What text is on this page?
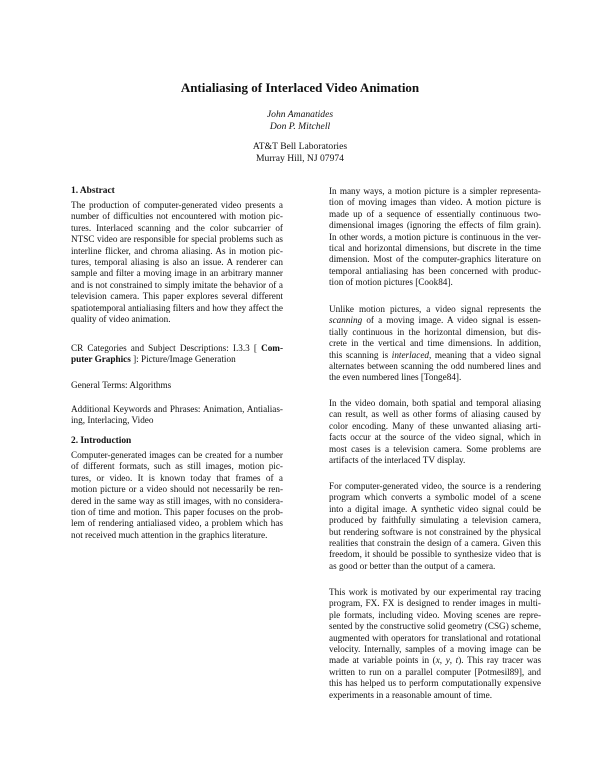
Antialiasing of Interlaced Video Animation
John Amanatides
Don P. Mitchell
AT&T Bell Laboratories
Murray Hill, NJ 07974
1. Abstract
The production of computer-generated video presents a
number of difficulties not encountered with motion pic-
tures. Interlaced scanning and the color subcarrier of
NTSC video are responsible for special problems such as
interline flicker, and chroma aliasing. As in motion pic-
tures, temporal aliasing is also an issue. A renderer can
sample and filter a moving image in an arbitrary manner
and is not constrained to simply imitate the behavior of a
television camera. This paper explores several different
spatiotemporal antialiasing filters and how they affect the
quality of video animation.
CR Categories and Subject Descriptions: I.3.3 [ Com-
puter Graphics ]: Picture/Image Generation
General Terms: Algorithms
Additional Keywords and Phrases: Animation, Antialias-
ing, Interlacing, Video
2. Introduction
Computer-generated images can be created for a number
of different formats, such as still images, motion pic-
tures, or video. It is known today that frames of a
motion picture or a video should not necessarily be ren-
dered in the same way as still images, with no considera-
tion of time and motion. This paper focuses on the prob-
lem of rendering antialiased video, a problem which has
not received much attention in the graphics literature.
In many ways, a motion picture is a simpler representa-
tion of moving images than video. A motion picture is
made up of a sequence of essentially continuous two-
dimensional images (ignoring the effects of film grain).
In other words, a motion picture is continuous in the ver-
tical and horizontal dimensions, but discrete in the time
dimension. Most of the computer-graphics literature on
temporal antialiasing has been concerned with produc-
tion of motion pictures [Cook84].
Unlike motion pictures, a video signal represents the
scanning of a moving image. A video signal is essen-
tially continuous in the horizontal dimension, but dis-
crete in the vertical and time dimensions. In addition,
this scanning is interlaced, meaning that a video signal
alternates between scanning the odd numbered lines and
the even numbered lines [Tonge84].
In the video domain, both spatial and temporal aliasing
can result, as well as other forms of aliasing caused by
color encoding. Many of these unwanted aliasing arti-
facts occur at the source of the video signal, which in
most cases is a television camera. Some problems are
artifacts of the interlaced TV display.
For computer-generated video, the source is a rendering
program which converts a symbolic model of a scene
into a digital image. A synthetic video signal could be
produced by faithfully simulating a television camera,
but rendering software is not constrained by the physical
realities that constrain the design of a camera. Given this
freedom, it should be possible to synthesize video that is
as good or better than the output of a camera.
This work is motivated by our experimental ray tracing
program, FX. FX is designed to render images in multi-
ple formats, including video. Moving scenes are repre-
sented by the constructive solid geometry (CSG) scheme,
augmented with operators for translational and rotational
velocity. Internally, samples of a moving image can be
made at variable points in (x, y, t). This ray tracer was
written to run on a parallel computer [Potmesil89], and
this has helped us to perform computationally expensive
experiments in a reasonable amount of time.
